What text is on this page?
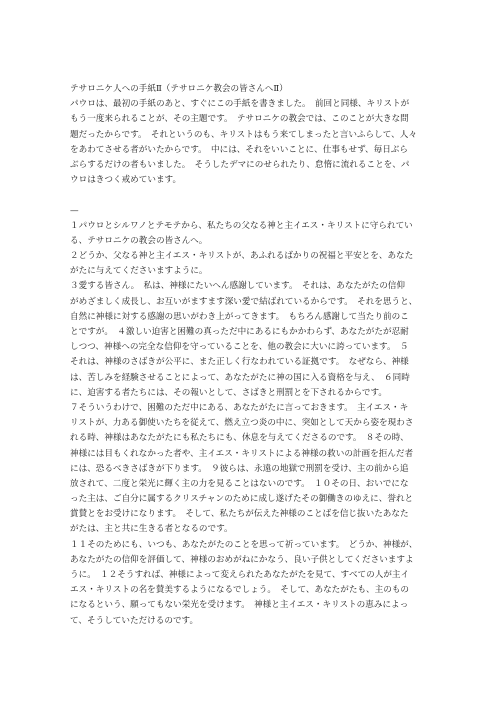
テサロニケ人への手紙Ⅱ（テサロニケ教会の皆さんへⅡ）
パウロは、最初の手紙のあと、すぐにこの手紙を書きました。　前回と同様、キリストが
もう一度来られることが、その主題です。　テサロニケの教会では、このことが大きな問
題だったからです。　それというのも、キリストはもう来てしまったと言いふらして、人々
をあわてさせる者がいたからです。　中には、それをいいことに、仕事もせず、毎日ぶら
ぶらするだけの者もいました。　そうしたデマにのせられたり、怠惰に流れることを、パ
ウロはきつく戒めています。
—
１パウロとシルワノとテモテから、私たちの父なる神と主イエス・キリストに守られてい
る、テサロニケの教会の皆さんへ。
２どうか、父なる神と主イエス・キリストが、あふれるばかりの祝福と平安とを、あなた
がたに与えてくださいますように。
３愛する皆さん。　私は、神様にたいへん感謝しています。　それは、あなたがたの信仰
がめざましく成長し、お互いがますます深い愛で結ばれているからです。　それを思うと、
自然に神様に対する感謝の思いがわき上がってきます。　もちろん感謝して当たり前のこ
とですが。　４激しい迫害と困難の真っただ中にあるにもかかわらず、あなたがたが忍耐
しつつ、神様への完全な信仰を守っていることを、他の教会に大いに誇っています。　５
それは、神様のさばきが公平に、また正しく行なわれている証拠です。　なぜなら、神様
は、苦しみを経験させることによって、あなたがたに神の国に入る資格を与え、　６同時
に、迫害する者たちには、その報いとして、さばきと刑罰とを下されるからです。
７そういうわけで、困難のただ中にある、あなたがたに言っておきます。　主イエス・キ
リストが、力ある御使いたちを従えて、燃え立つ炎の中に、突如として天から姿を現わさ
れる時、神様はあなたがたにも私たちにも、休息を与えてくださるのです。　８その時、
神様には目もくれなかった者や、主イエス・キリストによる神様の救いの計画を拒んだ者
には、恐るべきさばきが下ります。　９彼らは、永遠の地獄で刑罰を受け、主の前から追
放されて、二度と栄光に輝く主の力を見ることはないのです。　１０その日、おいでにな
った主は、ご自分に属するクリスチャンのために成し遂げたその御働きのゆえに、誉れと
賞賛とをお受けになります。　そして、私たちが伝えた神様のことばを信じ抜いたあなた
がたは、主と共に生きる者となるのです。
１１そのためにも、いつも、あなたがたのことを思って祈っています。　どうか、神様が、
あなたがたの信仰を評価して、神様のおめがねにかなう、良い子供としてくださいますよ
うに。　１２そうすれば、神様によって変えられたあなたがたを見て、すべての人が主イ
エス・キリストの名を賛美するようになるでしょう。　そして、あなたがたも、主のもの
になるという、願ってもない栄光を受けます。　神様と主イエス・キリストの恵みによっ
て、そうしていただけるのです。
